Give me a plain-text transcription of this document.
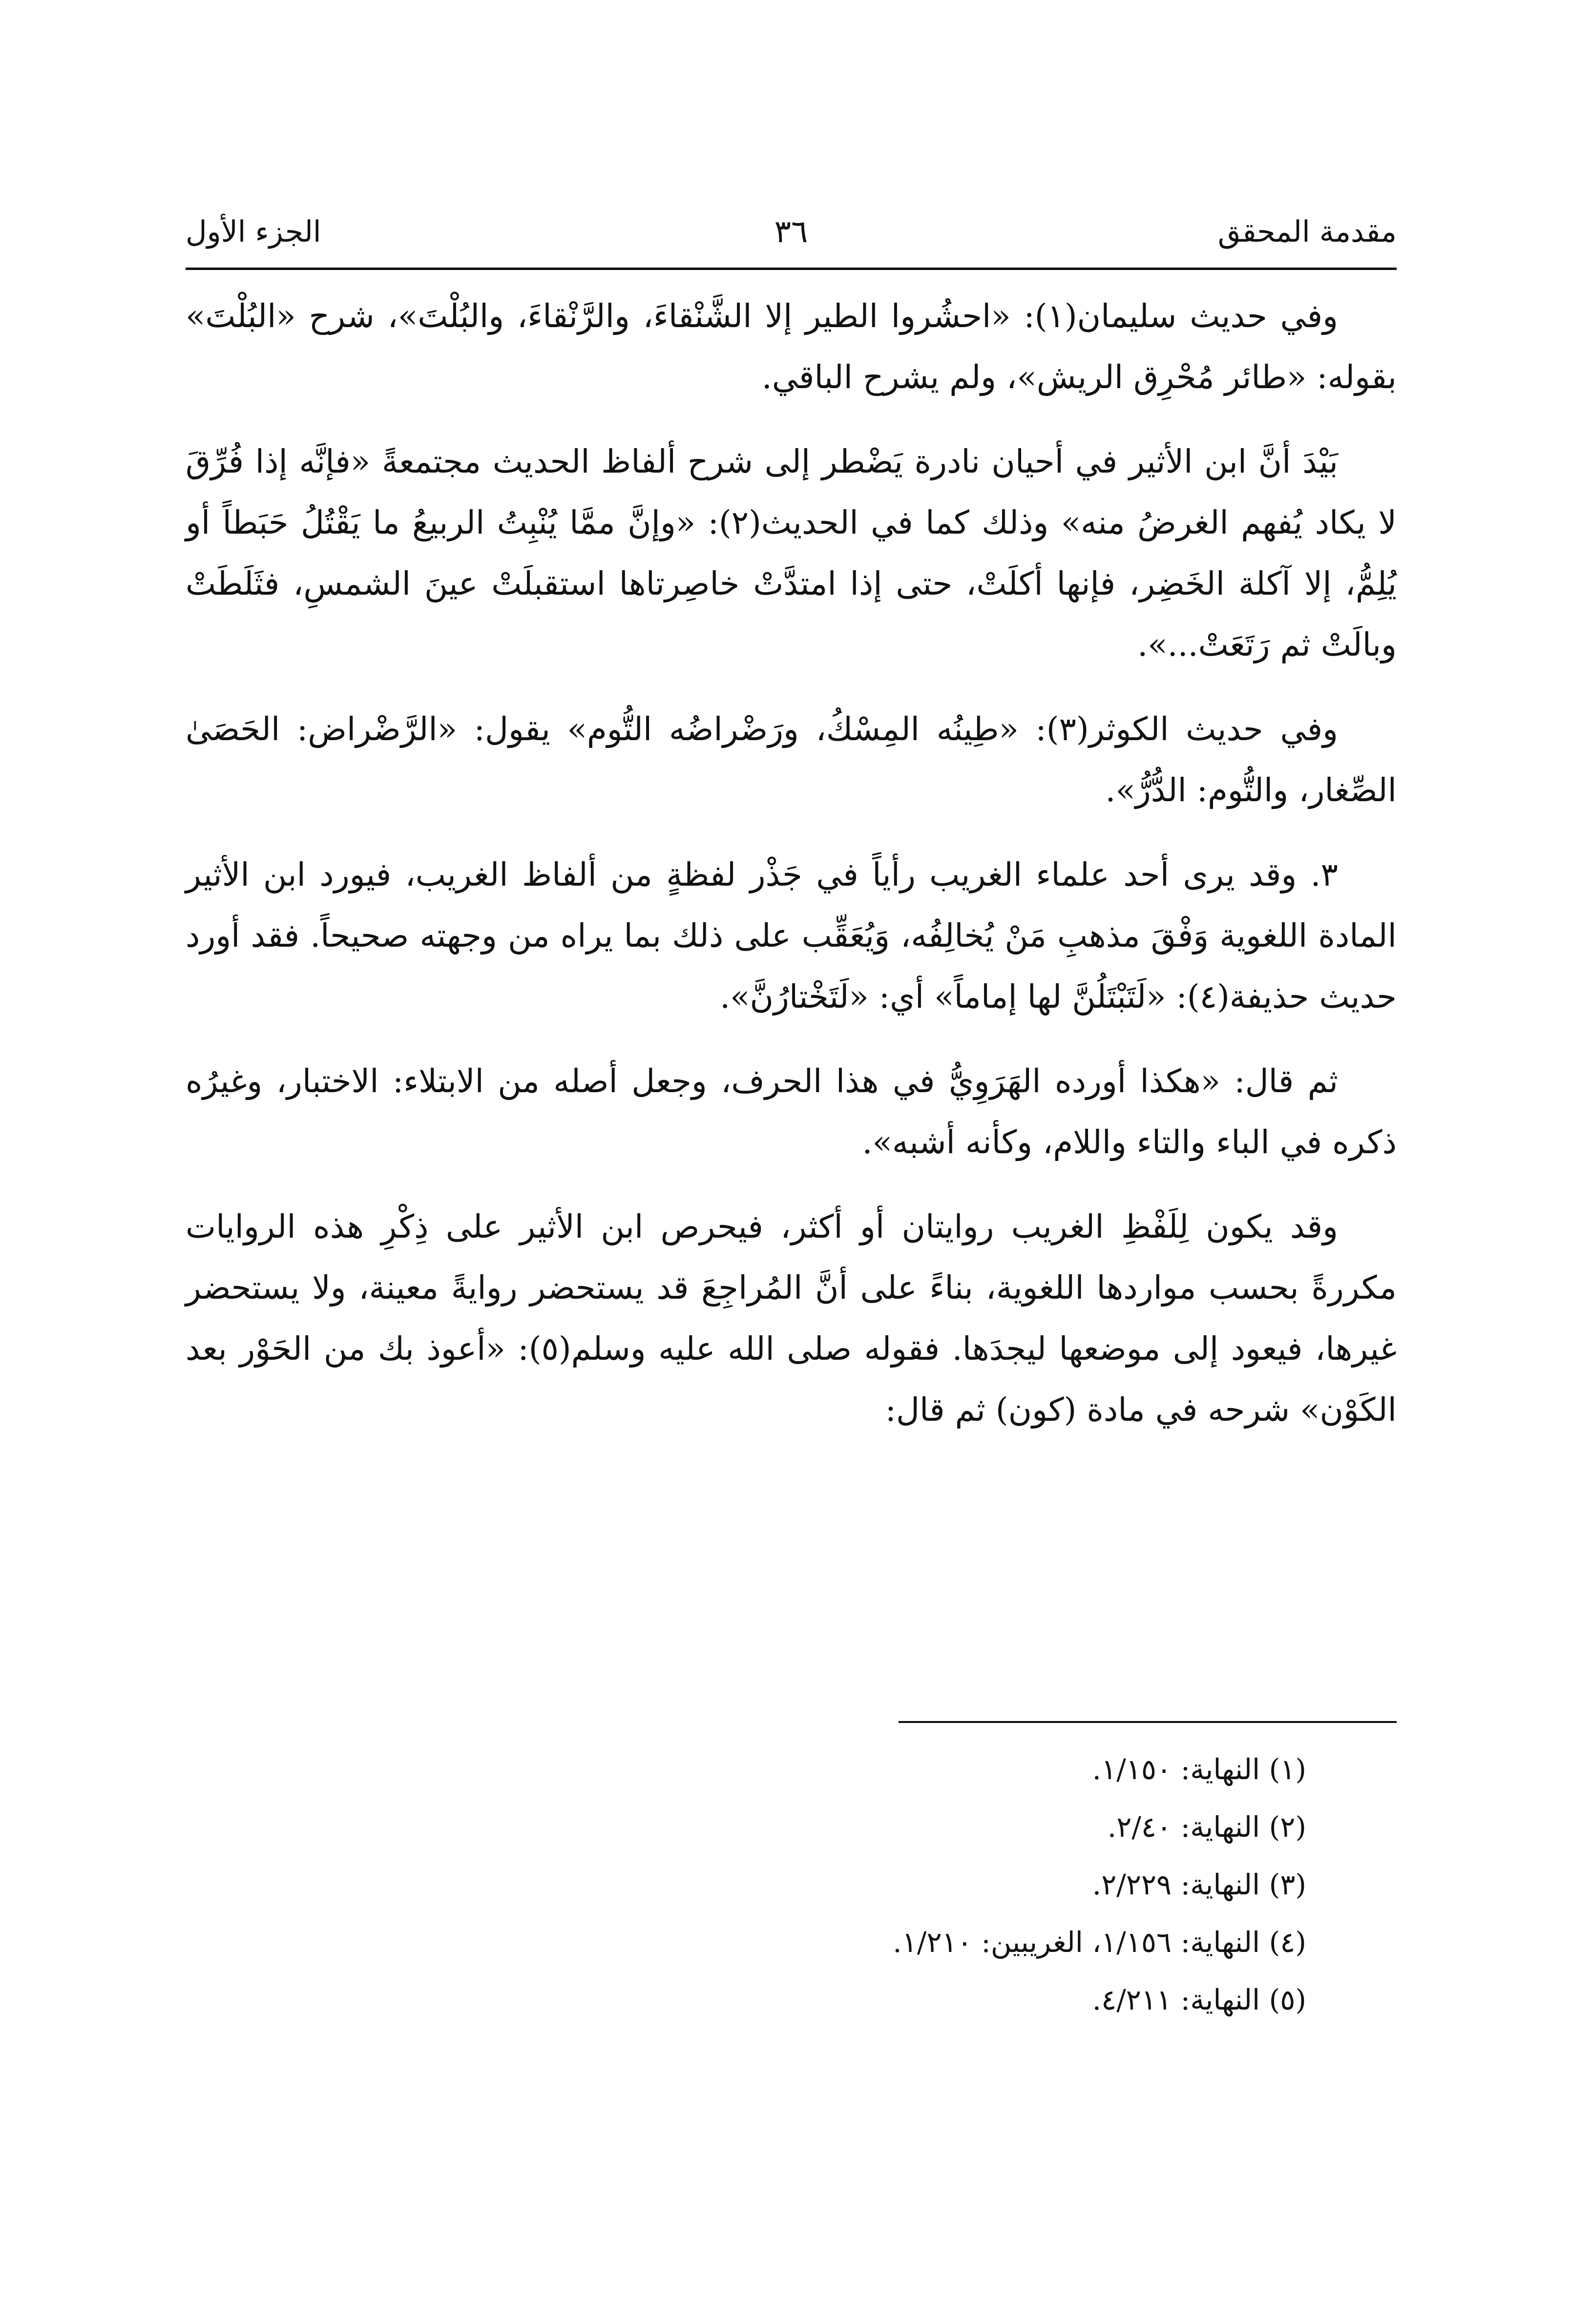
مقدمة المحقق
٣٦
الجزء الأول

وفي حديث سليمان(١): «احشُروا الطير إلا الشَّنْقاءَ، والرَّنْقاءَ، والبُلْتَ»، شرح «البُلْتَ» بقوله: «طائر مُحْرِق الريش»، ولم يشرح الباقي.

بَيْدَ أنَّ ابن الأثير في أحيان نادرة يَضْطر إلى شرح ألفاظ الحديث مجتمعةً «فإنَّه إذا فُرِّقَ لا يكاد يُفهم الغرضُ منه» وذلك كما في الحديث(٢): «وإنَّ ممَّا يُنْبِتُ الربيعُ ما يَقْتُلُ حَبَطاً أو يُلِمُّ، إلا آكلة الخَضِر، فإنها أكلَتْ، حتى إذا امتدَّتْ خاصِرتاها استقبلَتْ عينَ الشمسِ، فثَلَطَتْ وبالَتْ ثم رَتَعَتْ...».

وفي حديث الكوثر(٣): «طِينُه المِسْكُ، ورَضْراضُه التُّوم» يقول: «الرَّضْراض: الحَصَىٰ الصِّغار، والتُّوم: الدُّرُّ».

٣. وقد يرى أحد علماء الغريب رأياً في جَذْر لفظةٍ من ألفاظ الغريب، فيورد ابن الأثير المادة اللغوية وَفْقَ مذهبِ مَنْ يُخالِفُه، وَيُعَقِّب على ذلك بما يراه من وجهته صحيحاً. فقد أورد حديث حذيفة(٤): «لَتَبْتَلُنَّ لها إماماً» أي: «لَتَخْتارُنَّ».

ثم قال: «هكذا أورده الهَرَوِيُّ في هذا الحرف، وجعل أصله من الابتلاء: الاختبار، وغيرُه ذكره في الباء والتاء واللام، وكأنه أشبه».

وقد يكون لِلَفْظِ الغريب روايتان أو أكثر، فيحرص ابن الأثير على ذِكْرِ هذه الروايات مكررةً بحسب مواردها اللغوية، بناءً على أنَّ المُراجِعَ قد يستحضر روايةً معينة، ولا يستحضر غيرها، فيعود إلى موضعها ليجدَها. فقوله صلى الله عليه وسلم(٥): «أعوذ بك من الحَوْر بعد الكَوْن» شرحه في مادة (كون) ثم قال:

(١) النهاية: ١/١٥٠.
(٢) النهاية: ٢/٤٠.
(٣) النهاية: ٢/٢٢٩.
(٤) النهاية: ١/١٥٦، الغريبين: ١/٢١٠.
(٥) النهاية: ٤/٢١١.
